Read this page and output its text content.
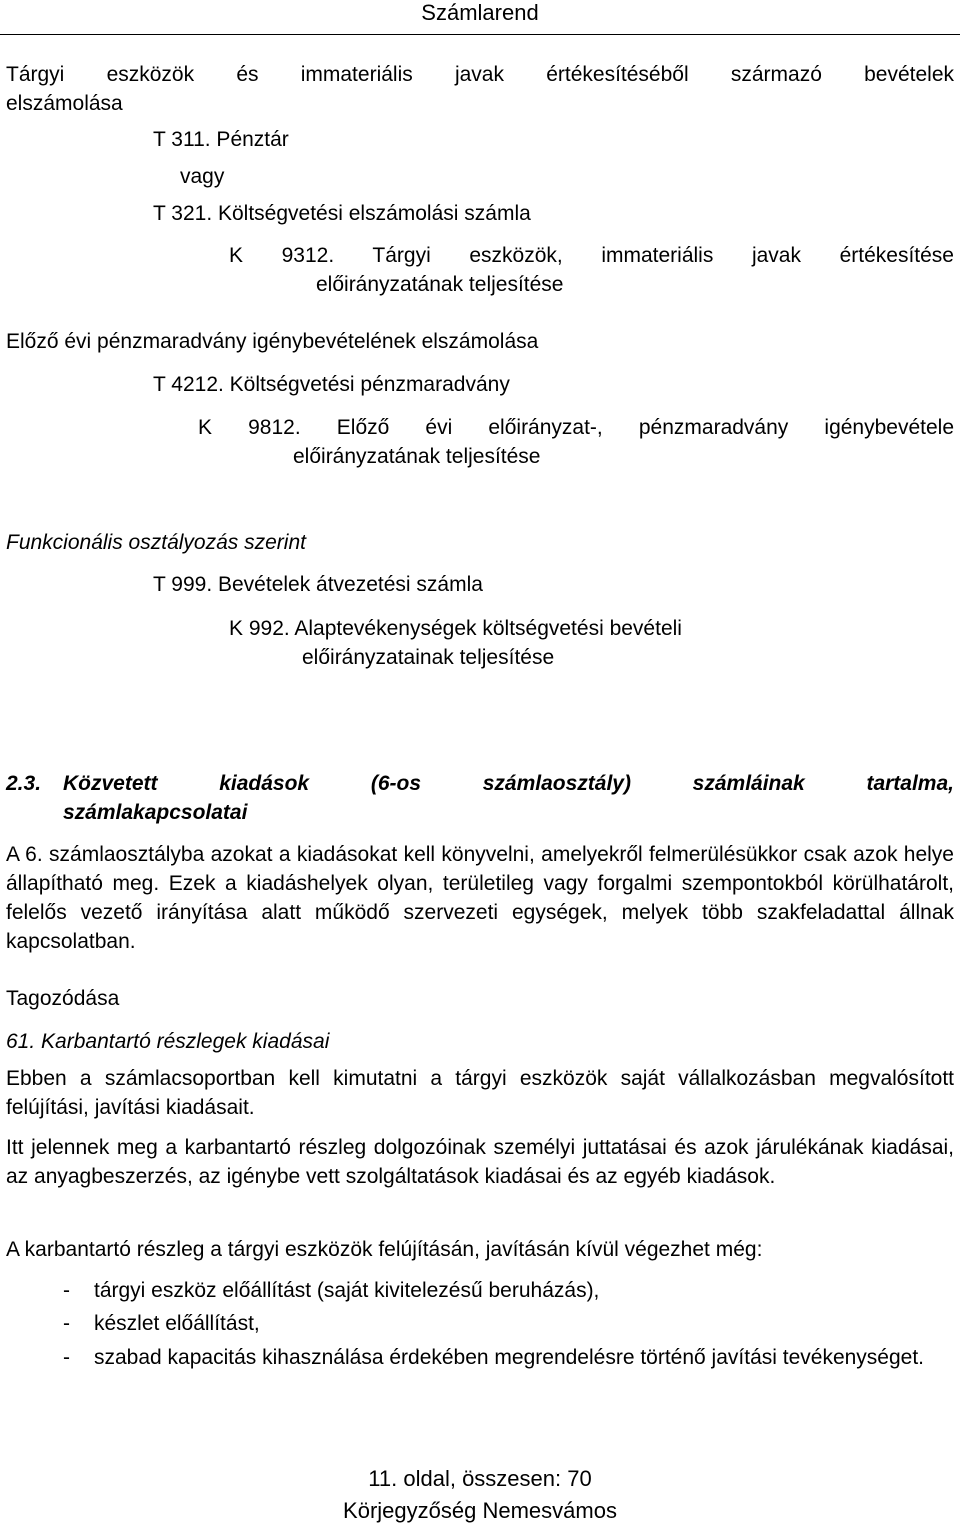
Számlarend
Tárgyi eszközök és immateriális javak értékesítéséből származó bevételek
elszámolása
T 311. Pénztár
vagy
T 321. Költségvetési elszámolási számla
K 9312. Tárgyi eszközök, immateriális javak értékesítése
előirányzatának teljesítése
Előző évi pénzmaradvány igénybevételének elszámolása
T 4212. Költségvetési pénzmaradvány
K 9812. Előző évi előirányzat-, pénzmaradvány igénybevétele
előirányzatának teljesítése
Funkcionális osztályozás szerint
T 999. Bevételek átvezetési számla
K 992. Alaptevékenységek költségvetési bevételi
előirányzatainak teljesítése
2.3.	Közvetett kiadások (6-os számlaosztály) számláinak tartalma,
számlakapcsolatai
A 6. számlaosztályba azokat a kiadásokat kell könyvelni, amelyekről felmerülésükkor csak azok helye állapítható meg. Ezek a kiadáshelyek olyan, területileg vagy forgalmi szempontokból körülhatárolt, felelős vezető irányítása alatt működő szervezeti egységek, melyek több szakfeladattal állnak kapcsolatban.
Tagozódása
61. Karbantartó részlegek kiadásai
Ebben a számlacsoportban kell kimutatni a tárgyi eszközök saját vállalkozásban megvalósított felújítási, javítási kiadásait.
Itt jelennek meg a karbantartó részleg dolgozóinak személyi juttatásai és azok járulékának kiadásai, az anyagbeszerzés, az igénybe vett szolgáltatások kiadásai és az egyéb kiadások.
A karbantartó részleg a tárgyi eszközök felújításán, javításán kívül végezhet még:
- tárgyi eszköz előállítást (saját kivitelezésű beruházás),
- készlet előállítást,
- szabad kapacitás kihasználása érdekében megrendelésre történő javítási tevékenységet.
11. oldal, összesen: 70
Körjegyzőség Nemesvámos
